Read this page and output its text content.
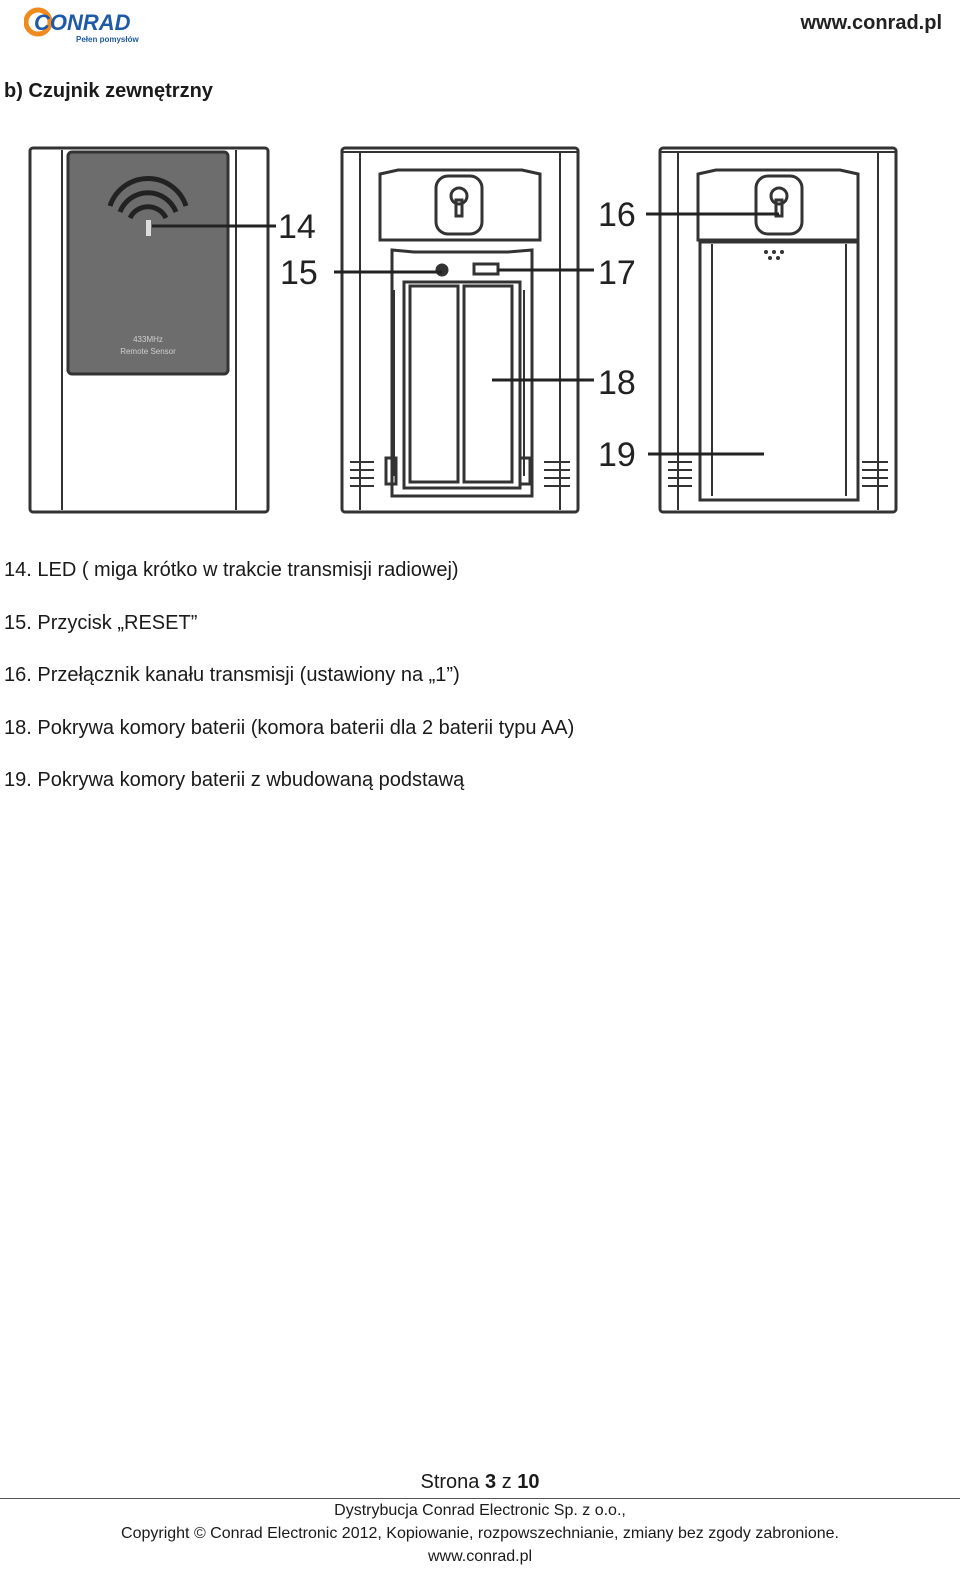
CONRAD
Pełen pomysłów
www.conrad.pl
b) Czujnik zewnętrzny
433MHz
Remote Sensor
14
15
16
17
18
19
14. LED ( miga krótko w trakcie transmisji radiowej)
15. Przycisk „RESET”
16. Przełącznik kanału transmisji (ustawiony na „1”)
18. Pokrywa komory baterii (komora baterii dla 2 baterii typu AA)
19. Pokrywa komory baterii z wbudowaną podstawą
Strona 3 z 10
Dystrybucja Conrad Electronic Sp. z o.o.,
Copyright © Conrad Electronic 2012, Kopiowanie, rozpowszechnianie, zmiany bez zgody zabronione.
www.conrad.pl
